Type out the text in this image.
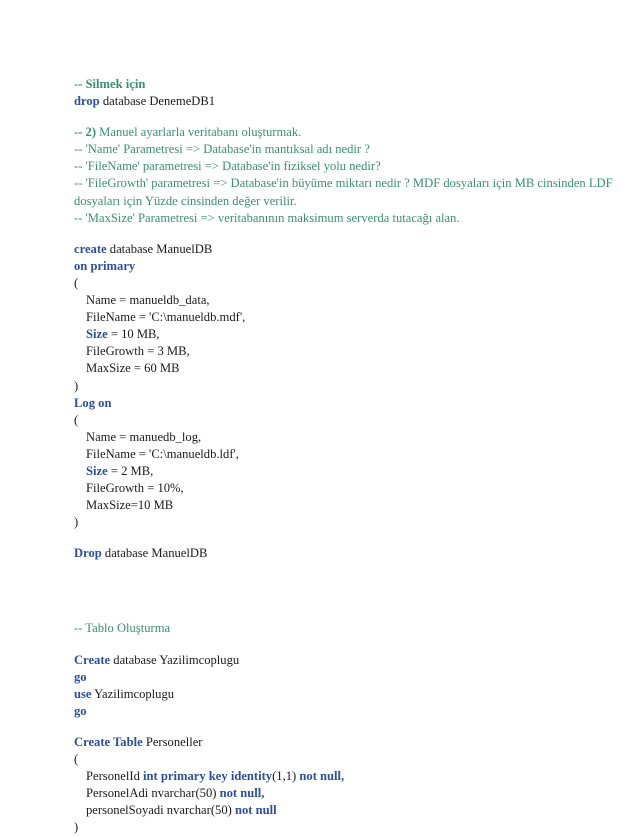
-- Silmek için
drop database DenemeDB1
-- 2) Manuel ayarlarla veritabanı oluşturmak.
-- 'Name' Parametresi => Database'in mantıksal adı nedir ?
-- 'FileName' parametresi => Database'in fiziksel yolu nedir?
-- 'FileGrowth' parametresi => Database'in büyüme miktarı nedir ? MDF dosyaları için MB cinsinden LDF dosyaları için Yüzde cinsinden değer verilir.
-- 'MaxSize' Parametresi => veritabanının maksimum serverda tutacağı alan.
create database ManuelDB
on primary
(
Name = manueldb_data,
FileName = 'C:\manueldb.mdf',
Size = 10 MB,
FileGrowth = 3 MB,
MaxSize = 60 MB
)
Log on
(
Name = manuedb_log,
FileName = 'C:\manueldb.ldf',
Size = 2 MB,
FileGrowth = 10%,
MaxSize=10 MB
)
Drop database ManuelDB
-- Tablo Oluşturma
Create database Yazilimcoplugu
go
use Yazilimcoplugu
go
Create Table Personeller
(
PersonelId int primary key identity(1,1) not null,
PersonelAdi nvarchar(50) not null,
personelSoyadi nvarchar(50) not null
)
